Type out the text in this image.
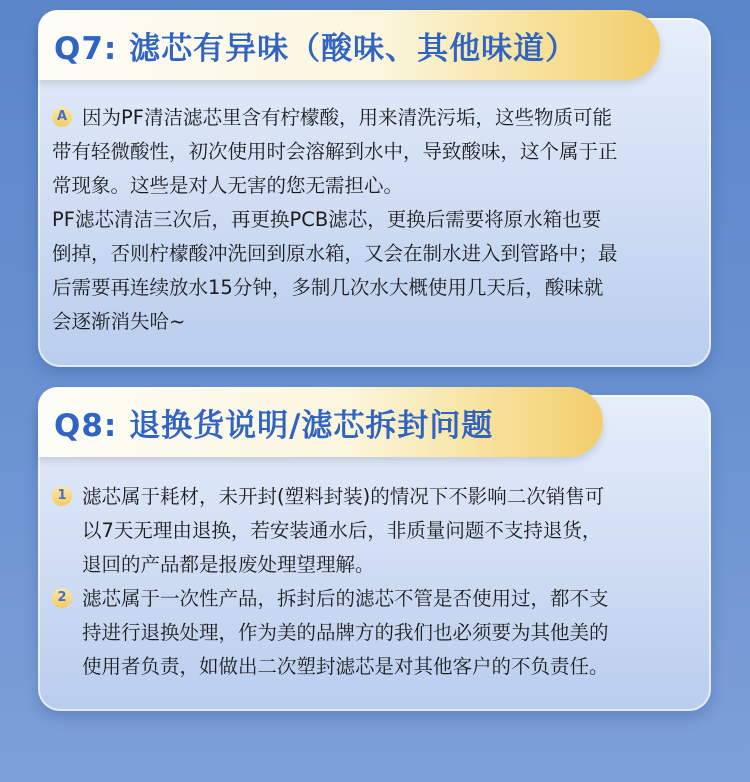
Q7: 滤芯有异味（酸味、其他味道）

A 因为PF清洁滤芯里含有柠檬酸，用来清洗污垢，这些物质可能
带有轻微酸性，初次使用时会溶解到水中，导致酸味，这个属于正
常现象。这些是对人无害的您无需担心。

PF滤芯清洁三次后，再更换PCB滤芯，更换后需要将原水箱也要
倒掉，否则柠檬酸冲洗回到原水箱，又会在制水进入到管路中；最
后需要再连续放水15分钟，多制几次水大概使用几天后，酸味就
会逐渐消失哈~

Q8: 退换货说明/滤芯拆封问题
1 滤芯属于耗材，未开封(塑料封装)的情况下不影响二次销售可
以7天无理由退换，若安装通水后，非质量问题不支持退货，
退回的产品都是报废处理望理解。
2 滤芯属于一次性产品，拆封后的滤芯不管是否使用过，都不支
持进行退换处理，作为美的品牌方的我们也必须要为其他美的
使用者负责，如做出二次塑封滤芯是对其他客户的不负责任。
